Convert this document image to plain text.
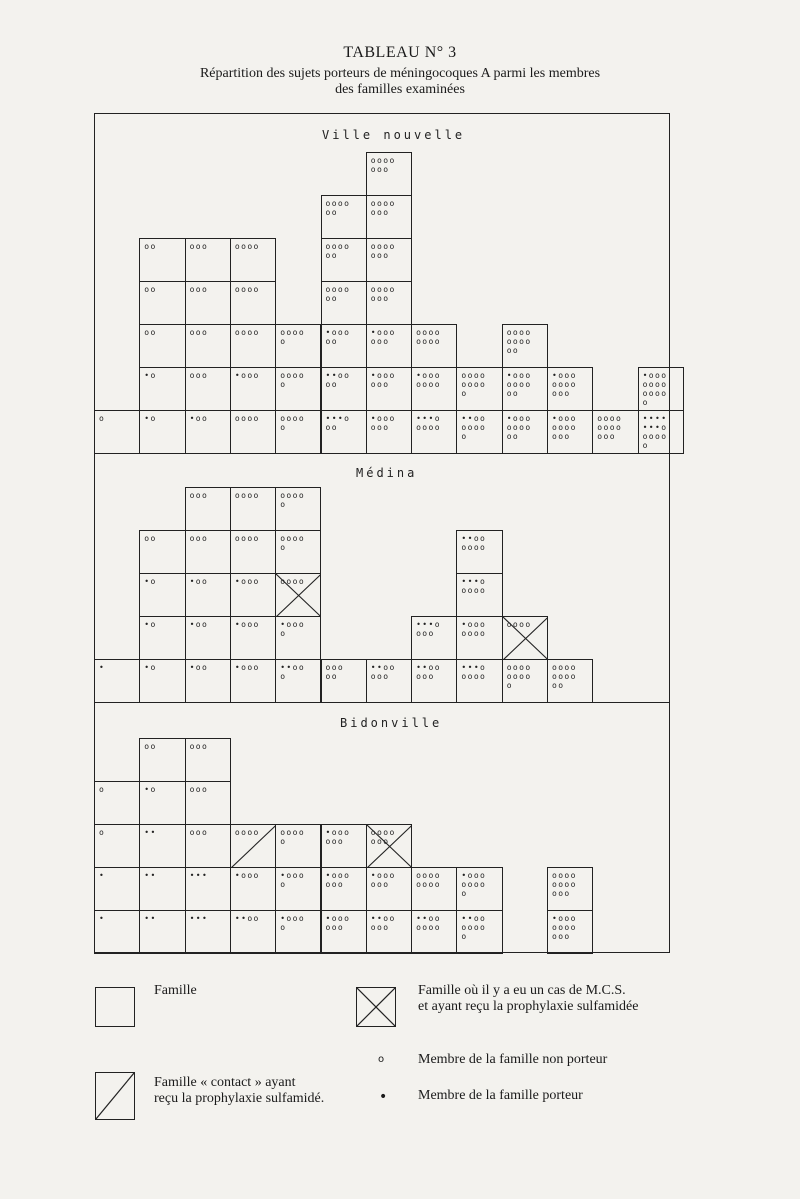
TABLEAU N° 3
Répartition des sujets porteurs de méningocoques A parmi les membres
des familles examinées
Ville nouvelle
Médina
Bidonville
o	•o
•o
oo
oo
oo
•oo
ooo
ooo
ooo
ooo
oooo
•ooo
oooo
oooo
oooo
oooo
o
oooo
o
oooo
o
•••o
oo
••oo
oo
•ooo
oo
oooo
oo
oooo
oo
oooo
oo
•ooo
ooo
•ooo
ooo
•ooo
ooo
oooo
ooo
oooo
ooo
oooo
ooo
oooo
ooo
•••o
oooo
•ooo
oooo
oooo
oooo
••oo
oooo
o
oooo
oooo
o
•ooo
oooo
oo
•ooo
oooo
oo
oooo
oooo
oo
•ooo
oooo
ooo
•ooo
oooo
ooo
oooo
oooo
ooo
••••
•••o
oooo
o
•ooo
oooo
oooo
o
•	•o
•o
•o
oo
•oo
•oo
•oo
ooo
ooo
•ooo
•ooo
•ooo
oooo
oooo
••oo
o
•ooo
o
oooo
oooo
o
oooo
o
ooo
oo
••oo
ooo
••oo
ooo
•••o
ooo
•••o
oooo
•ooo
oooo
•••o
oooo
••oo
oooo
oooo
oooo
o
oooo
oooo
oooo
oo
•
•
o
o
••
••
••
•o
oo
•••
•••
ooo
ooo
ooo
••oo
•ooo
oooo
•ooo
o
•ooo
o
oooo
o
•ooo
ooo
•ooo
ooo
•ooo
ooo
••oo
ooo
•ooo
ooo
oooo
ooo
••oo
oooo
oooo
oooo
••oo
oooo
o
•ooo
oooo
o
•ooo
oooo
ooo
oooo
oooo
ooo
Famille	Famille où il y a eu un cas de M.C.S.
et ayant reçu la prophylaxie sulfamidée
Famille « contact » ayant
reçu la prophylaxie sulfamidé.
o Membre de la famille non porteur
• Membre de la famille porteur
